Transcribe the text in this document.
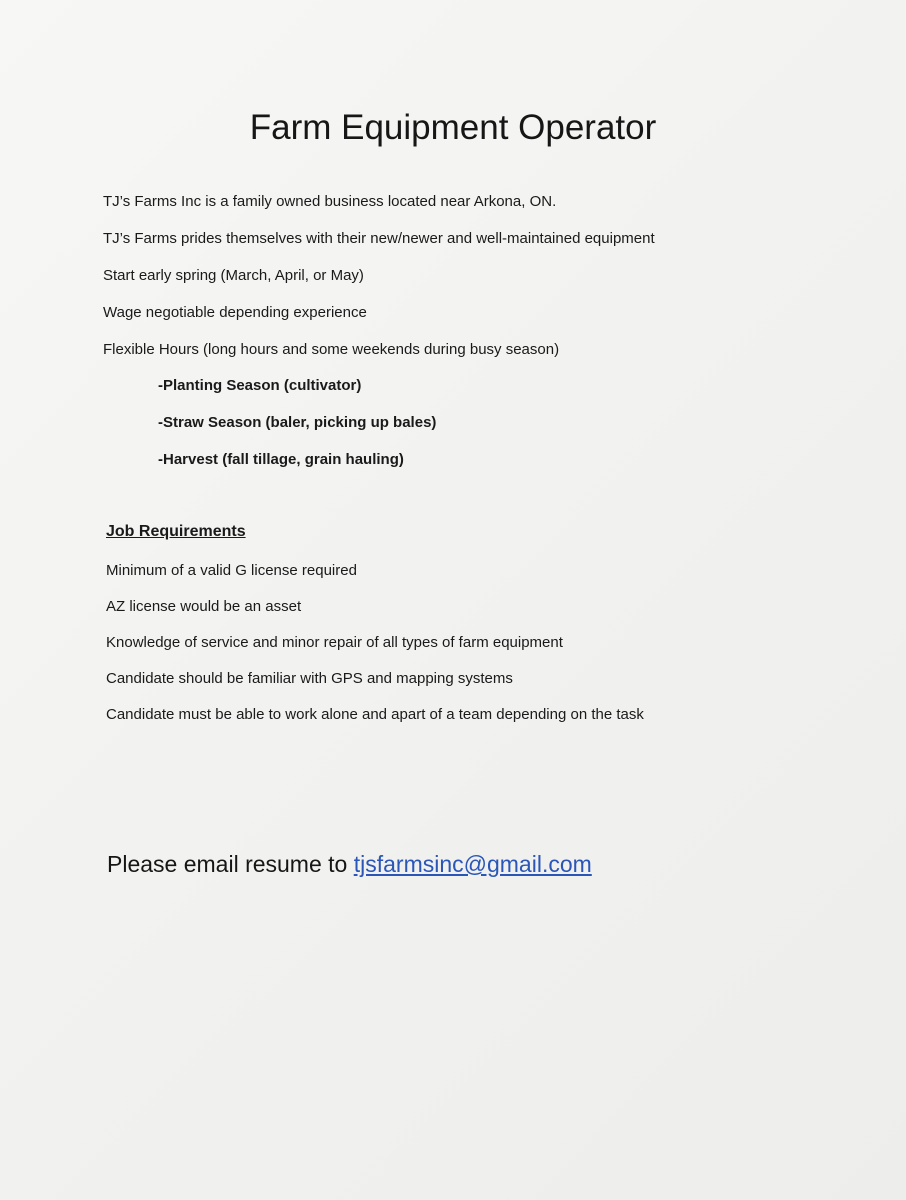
Farm Equipment Operator
TJ’s Farms Inc is a family owned business located near Arkona, ON.
TJ’s Farms prides themselves with their new/newer and well-maintained equipment
Start early spring (March, April, or May)
Wage negotiable depending experience
Flexible Hours (long hours and some weekends during busy season)
-Planting Season (cultivator)
-Straw Season (baler, picking up bales)
-Harvest (fall tillage, grain hauling)
Job Requirements
Minimum of a valid G license required
AZ license would be an asset
Knowledge of service and minor repair of all types of farm equipment
Candidate should be familiar with GPS and mapping systems
Candidate must be able to work alone and apart of a team depending on the task
Please email resume to tjsfarmsinc@gmail.com
